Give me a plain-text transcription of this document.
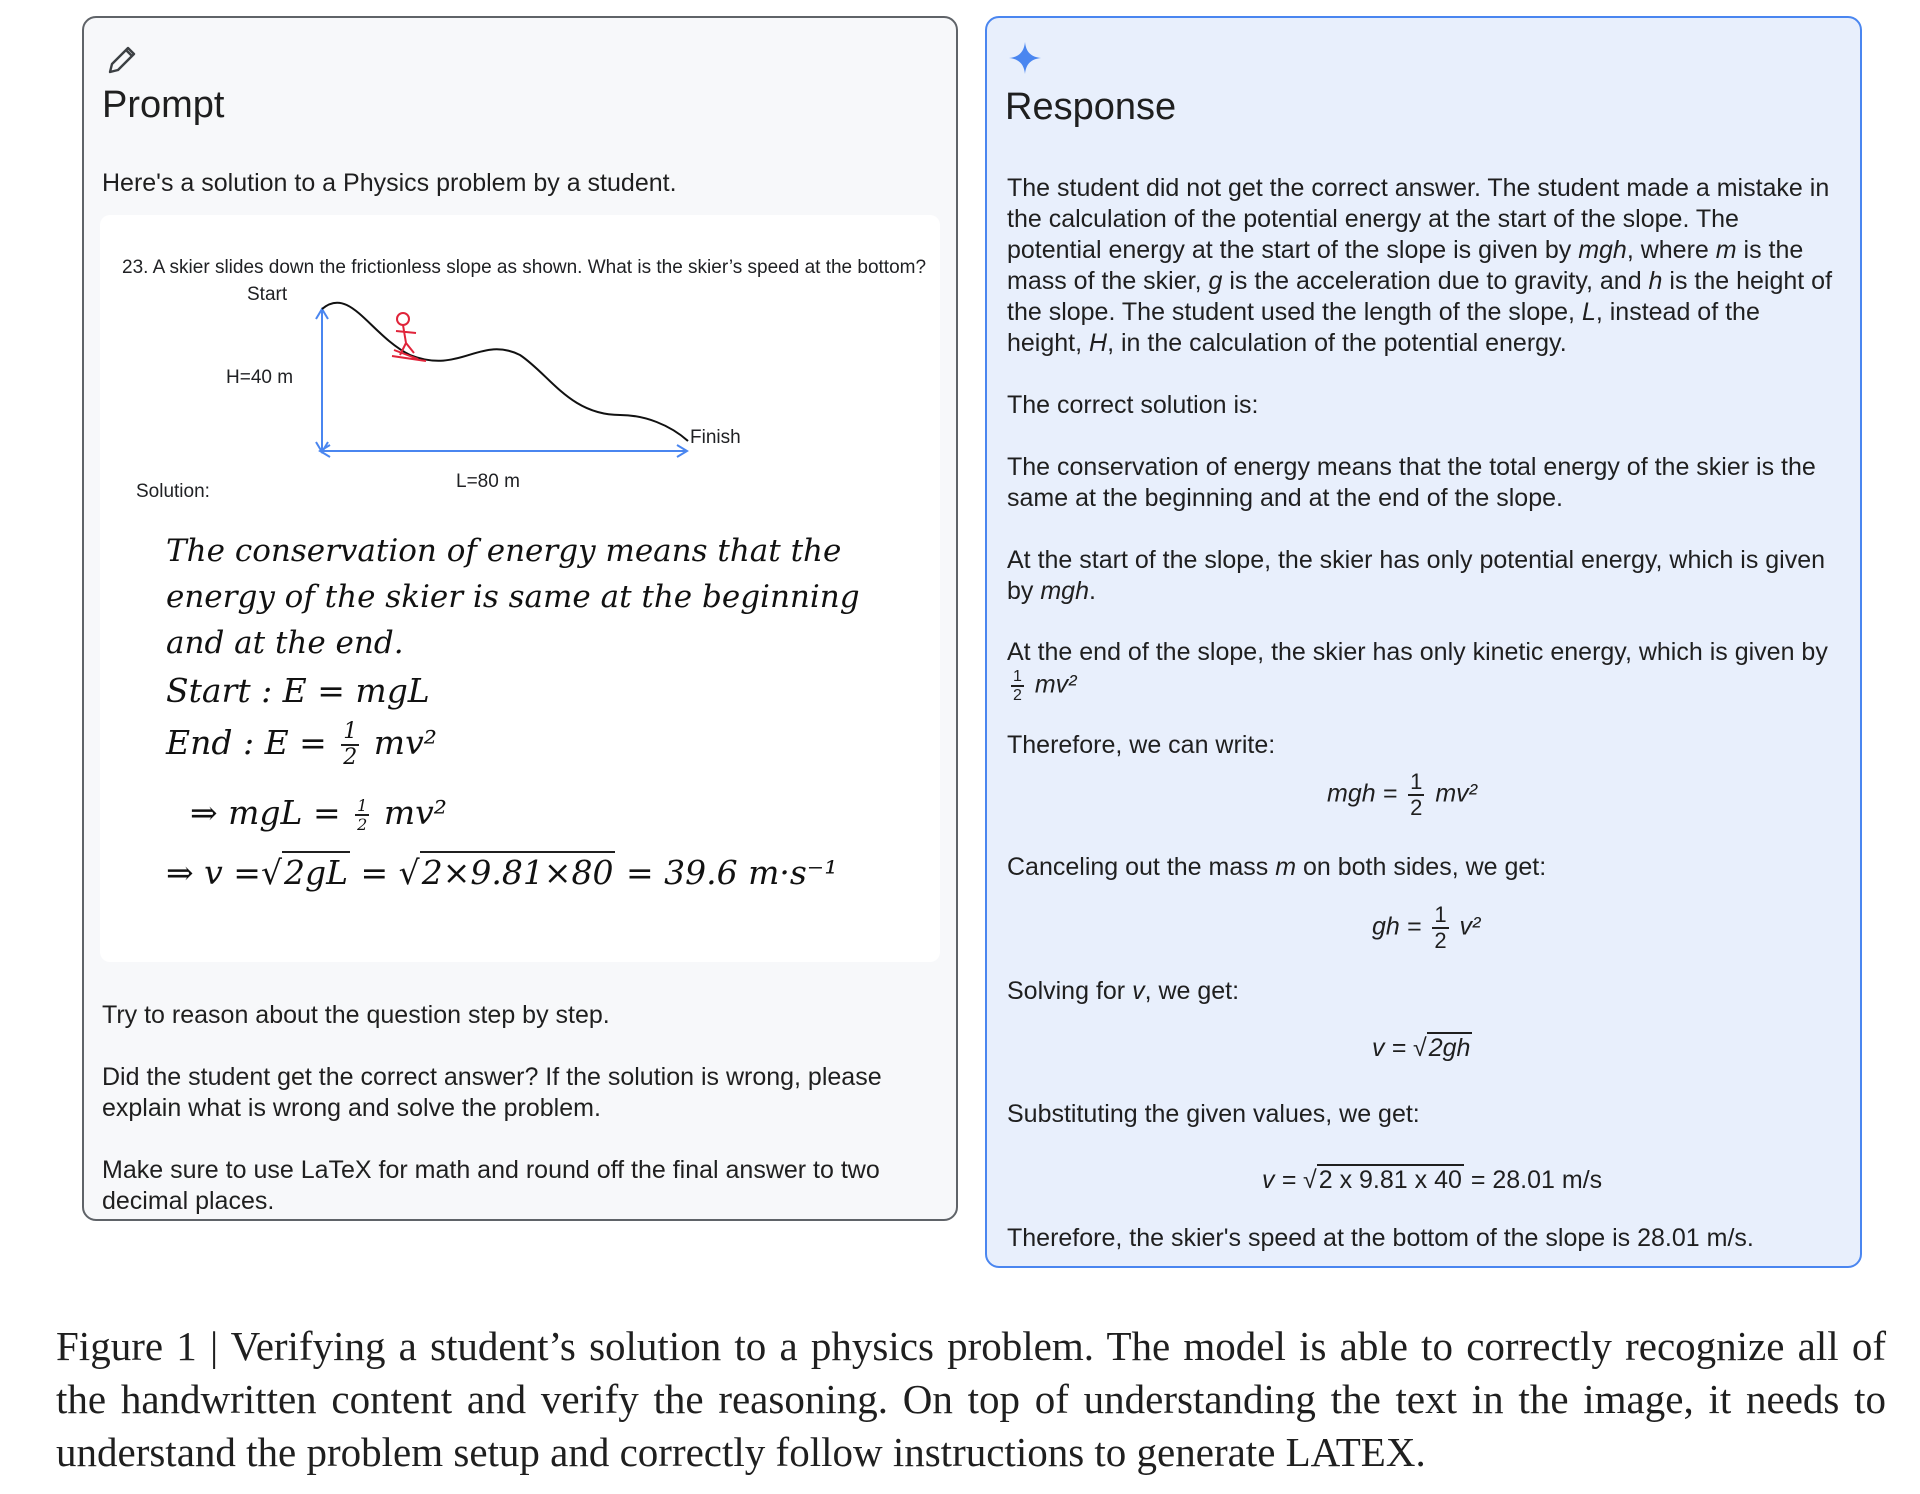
Prompt

Here's a solution to a Physics problem by a student.

Try to reason about the question step by step.

Did the student get the correct answer? If the solution is wrong, please

explain what is wrong and solve the problem.

Make sure to use LaTeX for math and round off the final answer to two

decimal places.

23. A skier slides down the frictionless slope as shown. What is the skier’s speed at the bottom?

Start

H=40 m

Finish

L=80 m

Solution:

The conservation of energy means that the

energy of the skier is same at the beginning

and at the end.

Start : E = mgL

End : $E = \frac{1}{2} mv^2$
⇒ mgL = $\frac{1}{2} mv^2$
⇒ v =√2gL = √2×9.81×80 = 39.6 m·s⁻¹

Response

The student did not get the correct answer. The student made a mistake in the calculation of the potential energy at the start of the slope. The potential energy at the start of the slope is given by mgh, where m is the mass of the skier, g is the acceleration due to gravity, and h is the height of the slope. The student used the length of the slope, L, instead of the height, H, in the calculation of the potential energy.

The correct solution is:

The conservation of energy means that the total energy of the skier is the same at the beginning and at the end of the slope.

At the start of the slope, the skier has only potential energy, which is given by mgh.

At the end of the slope, the skier has only kinetic energy, which is given by
$\frac{1}{2} mv^2$

Therefore, we can write:

mgh = $\frac{1}{2} mv^2$

Canceling out the mass m on both sides, we get:

gh = $\frac{1}{2} v^2$

Solving for v, we get:

v = √2gh

Substituting the given values, we get:

v = √2 x 9.81 x 40 = 28.01 m/s

Therefore, the skier's speed at the bottom of the slope is 28.01 m/s.

Figure 1 | Verifying a student’s solution to a physics problem. The model is able to correctly recognize all of the handwritten content and verify the reasoning. On top of understanding the text in the image, it needs to understand the problem setup and correctly follow instructions to generate LATEX.
